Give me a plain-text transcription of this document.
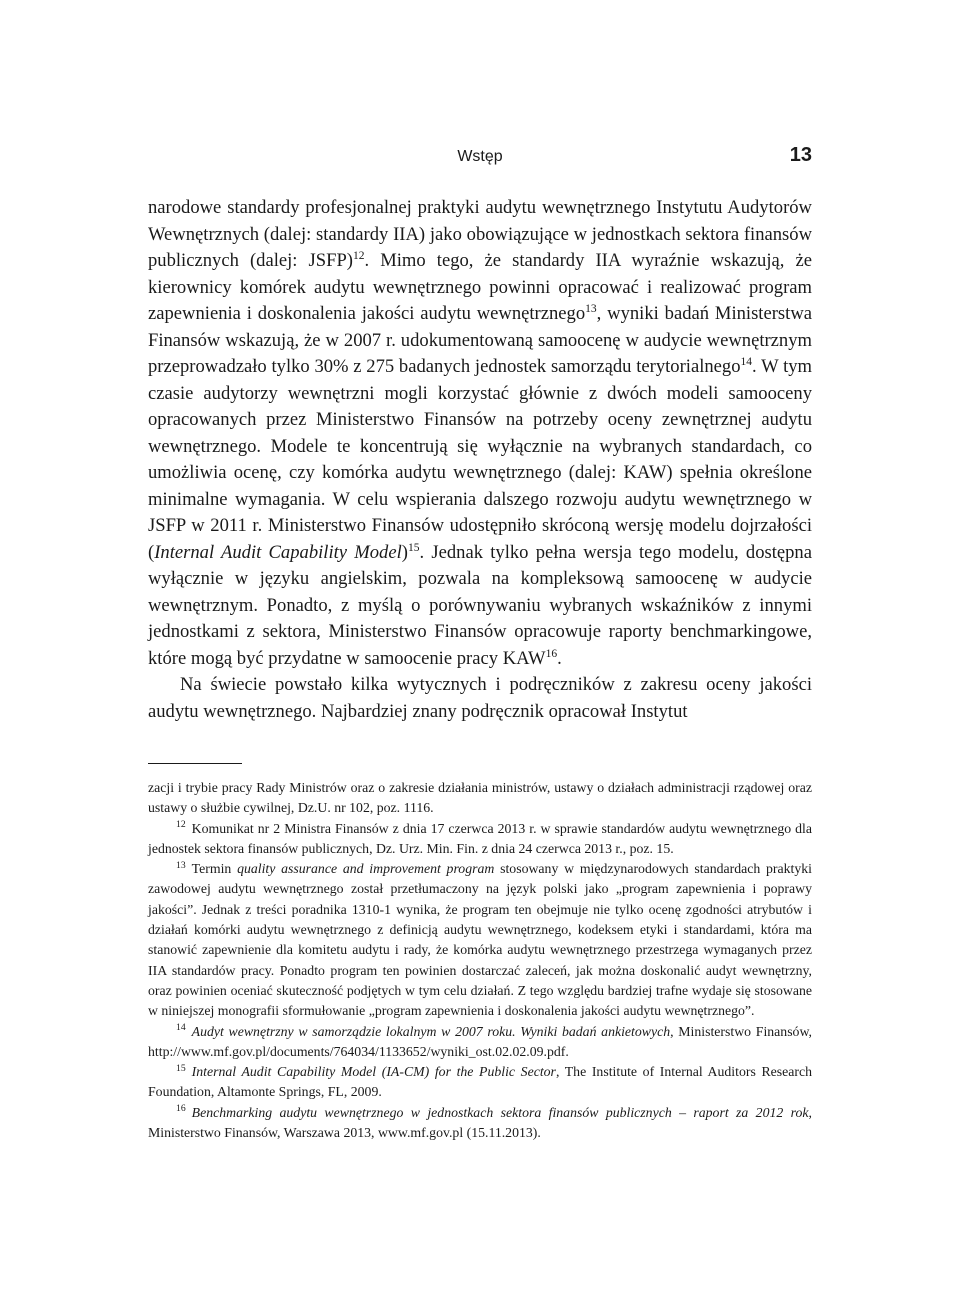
Wstęp	13

narodowe standardy profesjonalnej praktyki audytu wewnętrznego Instytutu Audytorów Wewnętrznych (dalej: standardy IIA) jako obowiązujące w jednostkach sektora finansów publicznych (dalej: JSFP)$^{12}$. Mimo tego, że standardy IIA wyraźnie wskazują, że kierownicy komórek audytu wewnętrznego powinni opracować i realizować program zapewnienia i doskonalenia jakości audytu wewnętrznego$^{13}$, wyniki badań Ministerstwa Finansów wskazują, że w 2007 r. udokumentowaną samoocenę w audycie wewnętrznym przeprowadzało tylko 30% z 275 badanych jednostek samorządu terytorialnego$^{14}$. W tym czasie audytorzy wewnętrzni mogli korzystać głównie z dwóch modeli samooceny opracowanych przez Ministerstwo Finansów na potrzeby oceny zewnętrznej audytu wewnętrznego. Modele te koncentrują się wyłącznie na wybranych standardach, co umożliwia ocenę, czy komórka audytu wewnętrznego (dalej: KAW) spełnia określone minimalne wymagania. W celu wspierania dalszego rozwoju audytu wewnętrznego w JSFP w 2011 r. Ministerstwo Finansów udostępniło skróconą wersję modelu dojrzałości (Internal Audit Capability Model)$^{15}$. Jednak tylko pełna wersja tego modelu, dostępna wyłącznie w języku angielskim, pozwala na kompleksową samoocenę w audycie wewnętrznym. Ponadto, z myślą o porównywaniu wybranych wskaźników z innymi jednostkami z sektora, Ministerstwo Finansów opracowuje raporty benchmarkingowe, które mogą być przydatne w samoocenie pracy KAW$^{16}$.

Na świecie powstało kilka wytycznych i podręczników z zakresu oceny jakości audytu wewnętrznego. Najbardziej znany podręcznik opracował Instytut

zacji i trybie pracy Rady Ministrów oraz o zakresie działania ministrów, ustawy o działach administracji rządowej oraz ustawy o służbie cywilnej, Dz.U. nr 102, poz. 1116.

$^{12}$ Komunikat nr 2 Ministra Finansów z dnia 17 czerwca 2013 r. w sprawie standardów audytu wewnętrznego dla jednostek sektora finansów publicznych, Dz. Urz. Min. Fin. z dnia 24 czerwca 2013 r., poz. 15.

$^{13}$ Termin quality assurance and improvement program stosowany w międzynarodowych standardach praktyki zawodowej audytu wewnętrznego został przetłumaczony na język polski jako „program zapewnienia i poprawy jakości”. Jednak z treści poradnika 1310-1 wynika, że program ten obejmuje nie tylko ocenę zgodności atrybutów i działań komórki audytu wewnętrznego z definicją audytu wewnętrznego, kodeksem etyki i standardami, która ma stanowić zapewnienie dla komitetu audytu i rady, że komórka audytu wewnętrznego przestrzega wymaganych przez IIA standardów pracy. Ponadto program ten powinien dostarczać zaleceń, jak można doskonalić audyt wewnętrzny, oraz powinien oceniać skuteczność podjętych w tym celu działań. Z tego względu bardziej trafne wydaje się stosowane w niniejszej monografii sformułowanie „program zapewnienia i doskonalenia jakości audytu wewnętrznego”.

$^{14}$ Audyt wewnętrzny w samorządzie lokalnym w 2007 roku. Wyniki badań ankietowych, Ministerstwo Finansów, http://www.mf.gov.pl/documents/764034/1133652/wyniki_ost.02.02.09.pdf.

$^{15}$ Internal Audit Capability Model (IA-CM) for the Public Sector, The Institute of Internal Auditors Research Foundation, Altamonte Springs, FL, 2009.

$^{16}$ Benchmarking audytu wewnętrznego w jednostkach sektora finansów publicznych – raport za 2012 rok, Ministerstwo Finansów, Warszawa 2013, www.mf.gov.pl (15.11.2013).
